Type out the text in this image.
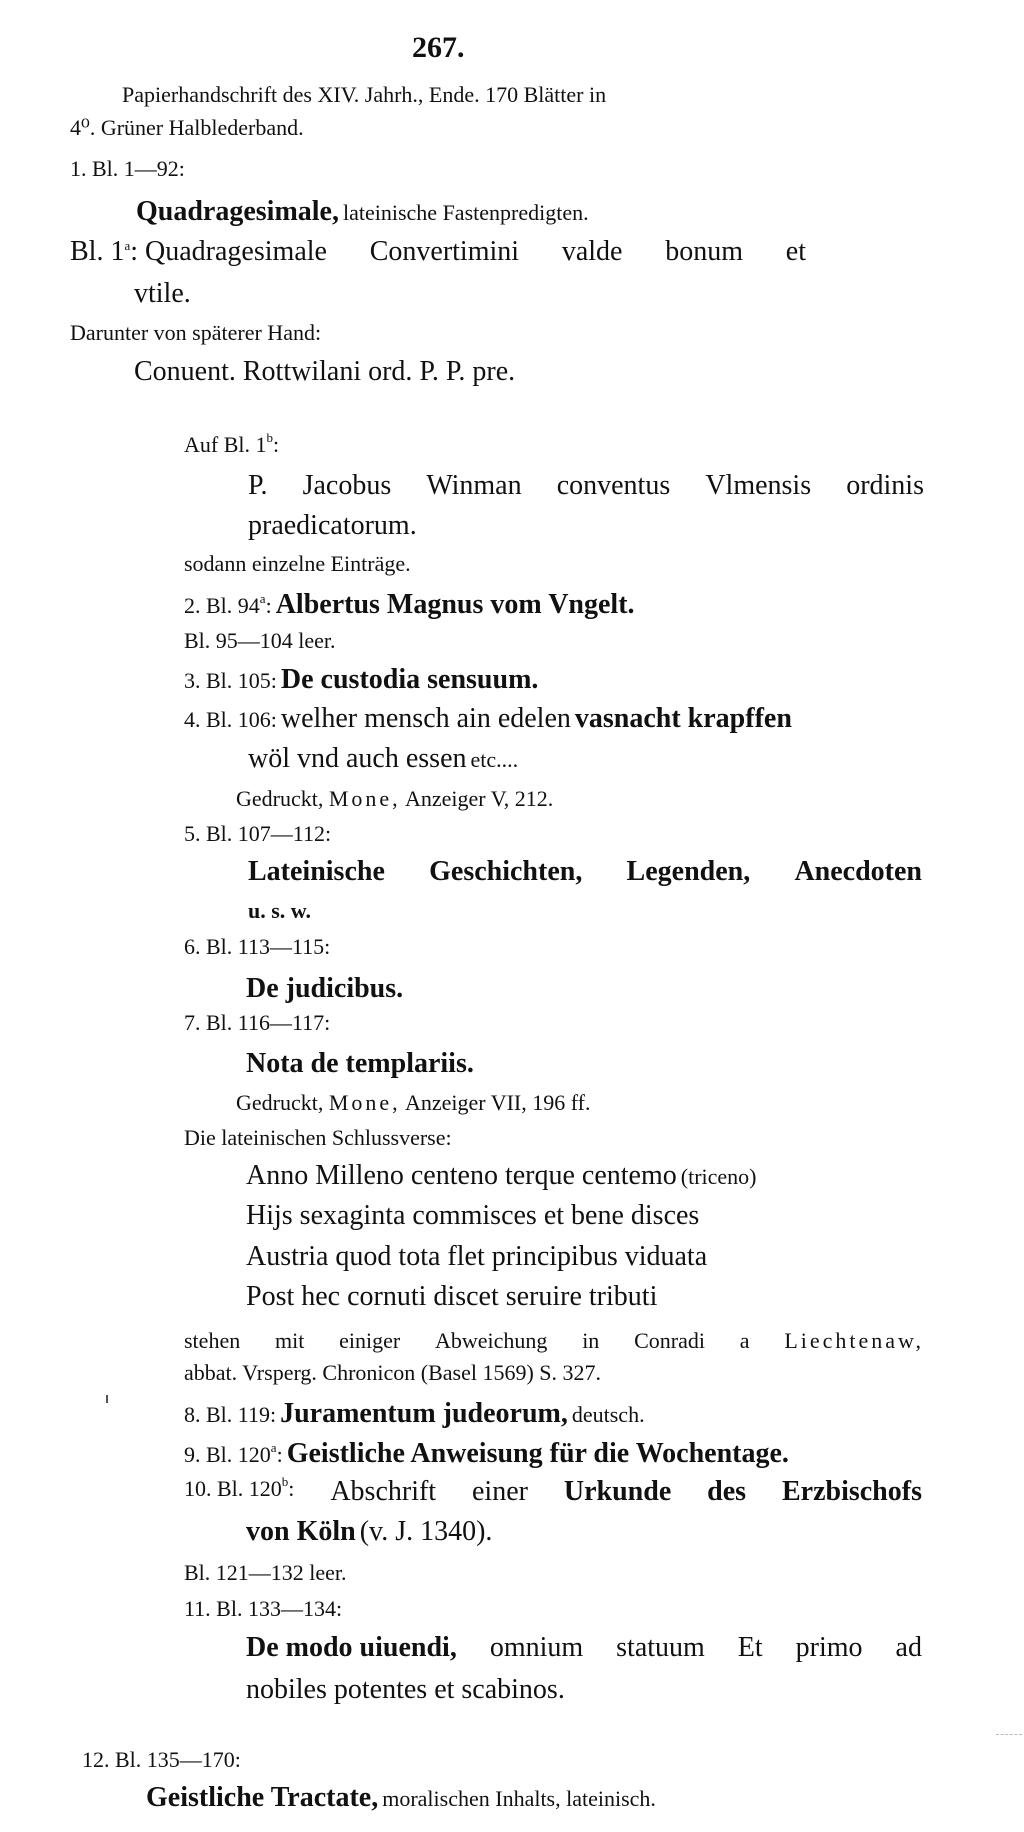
267.
Papierhandschrift des XIV. Jahrh., Ende. 170 Blätter in
4⁰. Grüner Halblederband.
1. Bl. 1—92:
Quadragesimale, lateinische Fastenpredigten.
Bl. 1$^a$: Quadragesimale Convertimini valde bonum et
vtile.
Darunter von späterer Hand:
Conuent. Rottwilani ord. P. P. pre.
Auf Bl. 1$^b$:
P. Jacobus Winman conventus Vlmensis ordinis
praedicatorum.
sodann einzelne Einträge.
2. Bl. 94$^a$: Albertus Magnus vom Vngelt.
Bl. 95—104 leer.
3. Bl. 105: De custodia sensuum.
4. Bl. 106: welher mensch ain edelen vasnacht krapffen
wöl vnd auch essen etc....
Gedruckt, Mone, Anzeiger V, 212.
5. Bl. 107—112:
Lateinische Geschichten, Legenden, Anecdoten
u. s. w.
6. Bl. 113—115:
De judicibus.
7. Bl. 116—117:
Nota de templariis.
Gedruckt, Mone, Anzeiger VII, 196 ff.
Die lateinischen Schlussverse:
Anno Milleno centeno terque centemo (triceno)
Hijs sexaginta commisces et bene disces
Austria quod tota flet principibus viduata
Post hec cornuti discet seruire tributi
stehen mit einiger Abweichung in Conradi a Liechtenaw,
abbat. Vrsperg. Chronicon (Basel 1569) S. 327.
8. Bl. 119: Juramentum judeorum, deutsch.
9. Bl. 120$^a$: Geistliche Anweisung für die Wochentage.
10. Bl. 120$^b$: Abschrift einer Urkunde des Erzbischofs
von Köln (v. J. 1340).
Bl. 121—132 leer.
11. Bl. 133—134:
De modo uiuendi, omnium statuum Et primo ad
nobiles potentes et scabinos.
12. Bl. 135—170:
Geistliche Tractate, moralischen Inhalts, lateinisch.
